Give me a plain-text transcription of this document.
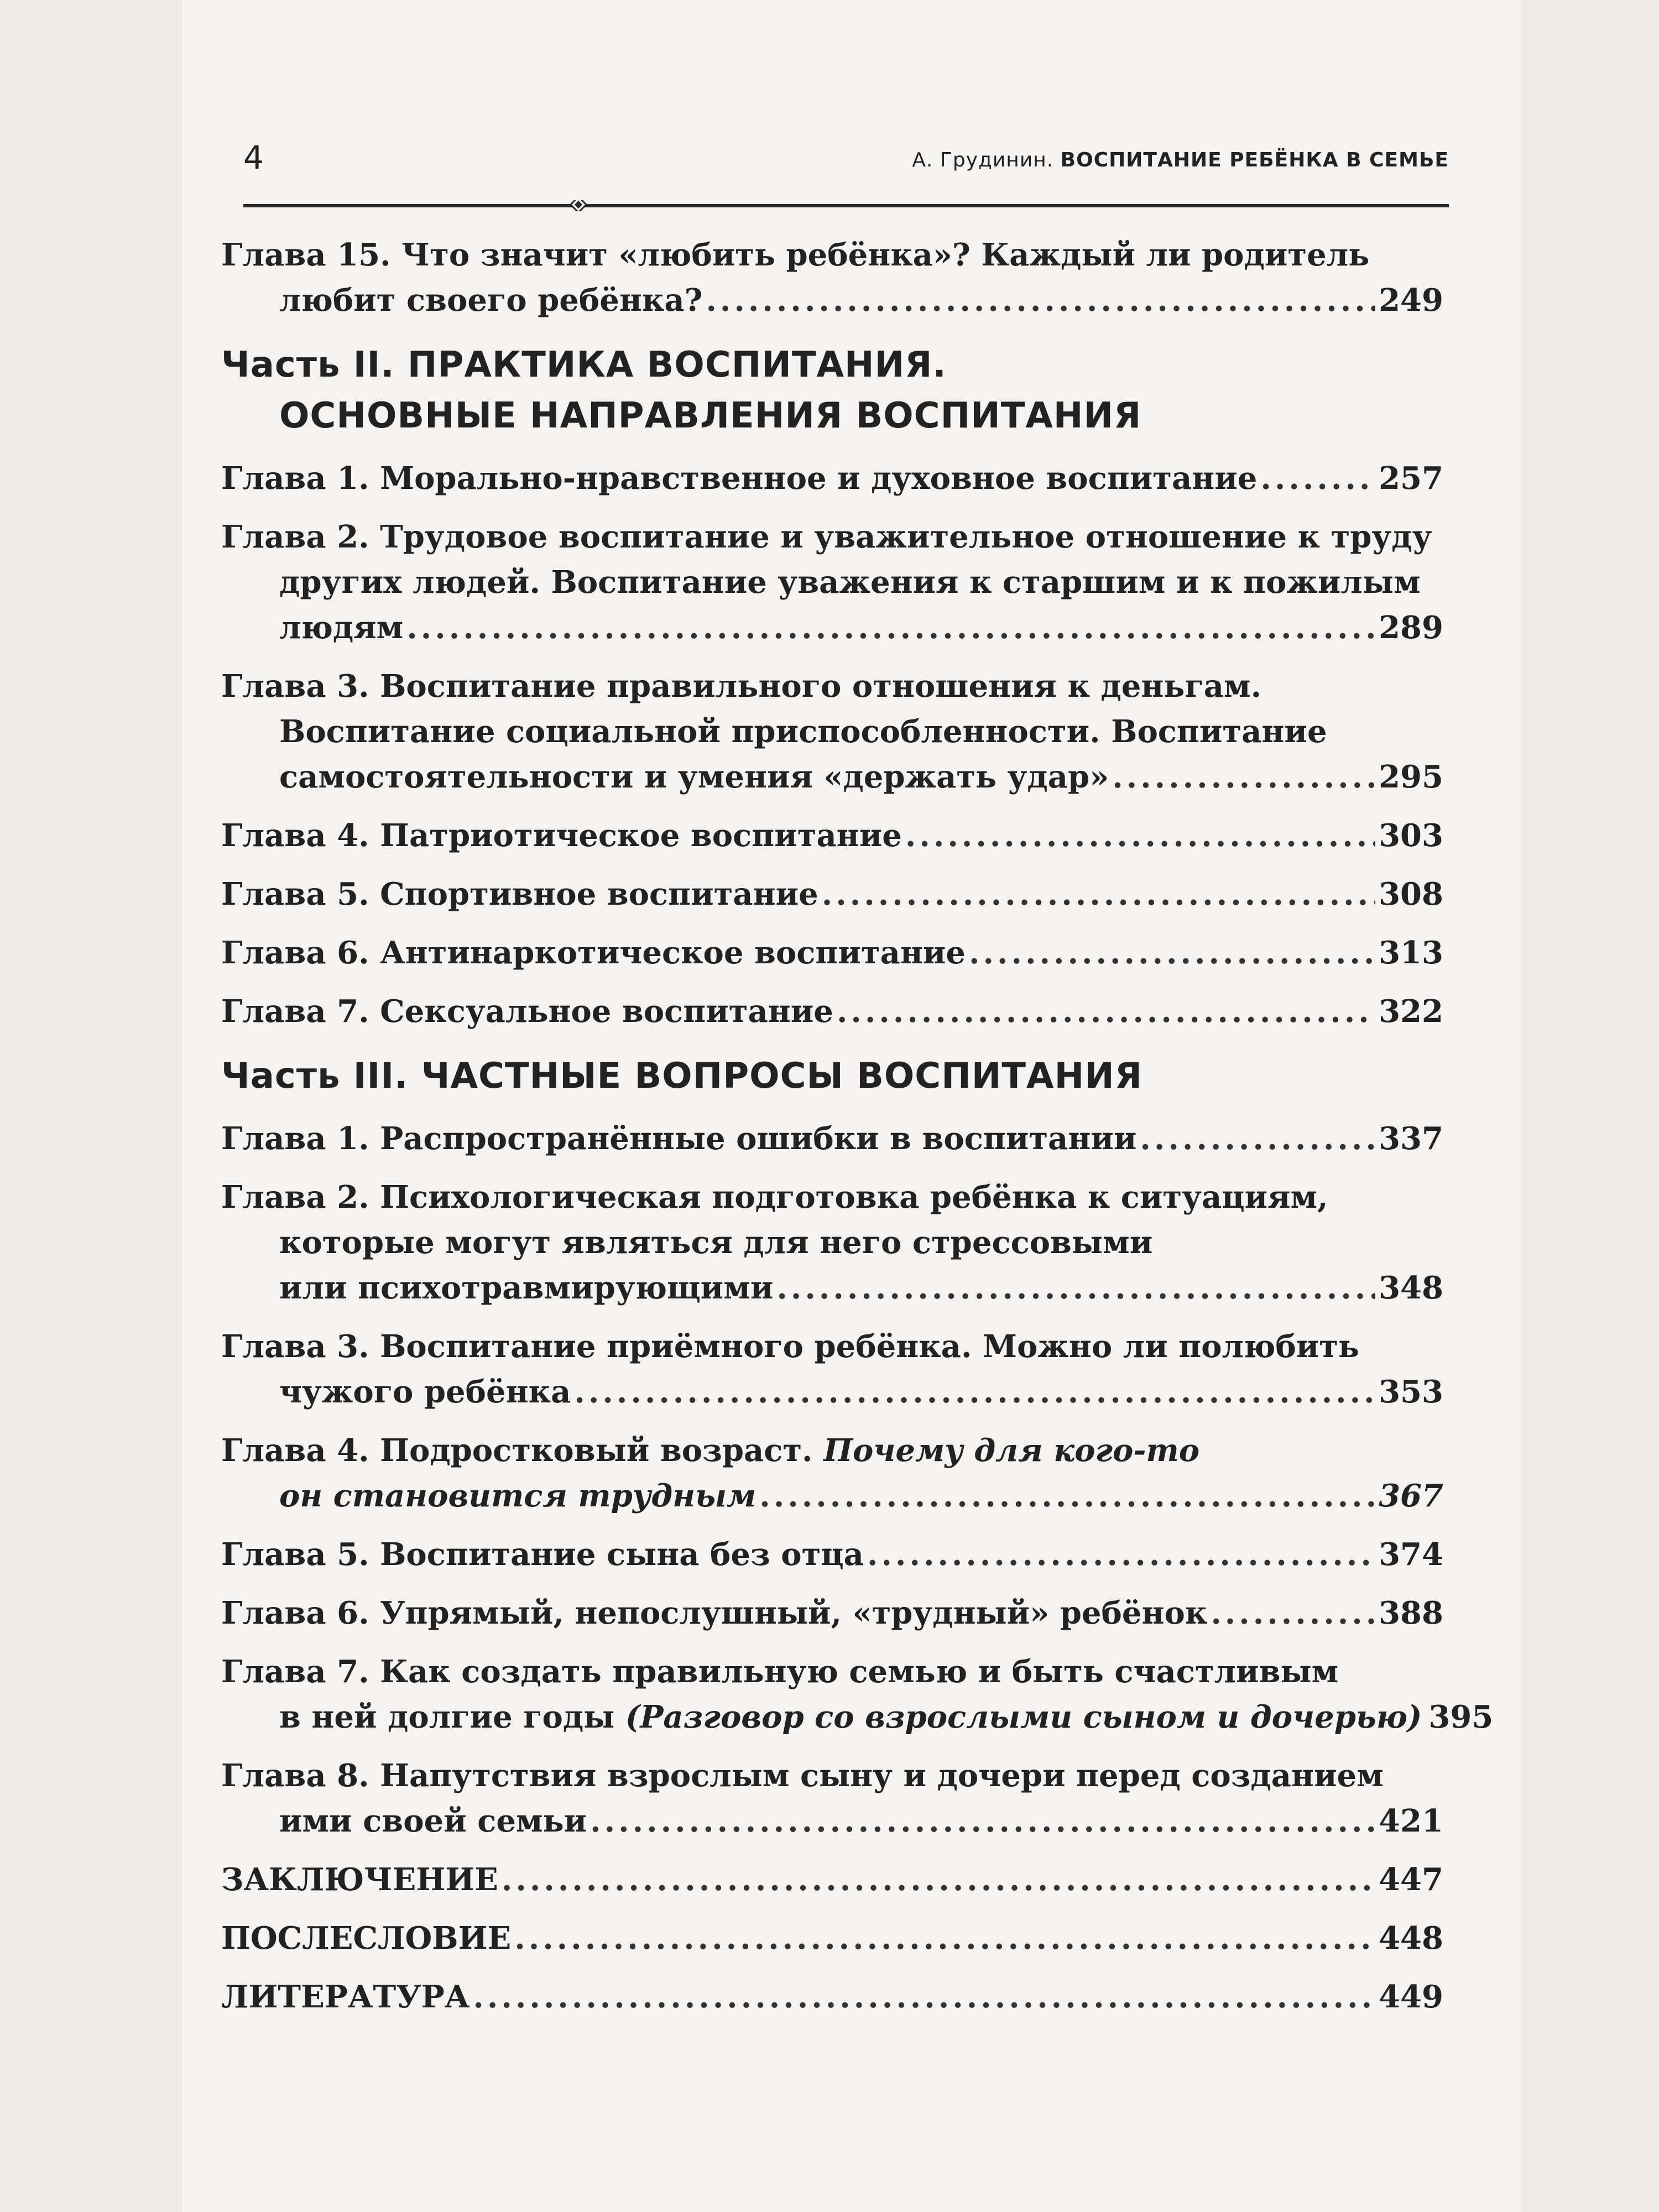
4	А. Грудинин. ВОСПИТАНИЕ РЕБЁНКА В СЕМЬЕ
Глава 15. Что значит «любить ребёнка»? Каждый ли родитель
любит своего ребёнка? .....	249
Часть II. ПРАКТИКА ВОСПИТАНИЯ.
ОСНОВНЫЕ НАПРАВЛЕНИЯ ВОСПИТАНИЯ
Глава 1. Морально-нравственное и духовное воспитание .....	257
Глава 2. Трудовое воспитание и уважительное отношение к труду
других людей. Воспитание уважения к старшим и к пожилым
людям .....	289
Глава 3. Воспитание правильного отношения к деньгам.
Воспитание социальной приспособленности. Воспитание
самостоятельности и умения «держать удар» .....	295
Глава 4. Патриотическое воспитание .....	303
Глава 5. Спортивное воспитание .....	308
Глава 6. Антинаркотическое воспитание .....	313
Глава 7. Сексуальное воспитание .....	322
Часть III. ЧАСТНЫЕ ВОПРОСЫ ВОСПИТАНИЯ
Глава 1. Распространённые ошибки в воспитании .....	337
Глава 2. Психологическая подготовка ребёнка к ситуациям,
которые могут являться для него стрессовыми
или психотравмирующими .....	348
Глава 3. Воспитание приёмного ребёнка. Можно ли полюбить
чужого ребёнка .....	353
Глава 4. Подростковый возраст. Почему для кого-то
он становится трудным .....	367
Глава 5. Воспитание сына без отца .....	374
Глава 6. Упрямый, непослушный, «трудный» ребёнок .....	388
Глава 7. Как создать правильную семью и быть счастливым
в ней долгие годы (Разговор со взрослыми сыном и дочерью) 395
Глава 8. Напутствия взрослым сыну и дочери перед созданием
ими своей семьи .....	421
ЗАКЛЮЧЕНИЕ .....	447
ПОСЛЕСЛОВИЕ .....	448
ЛИТЕРАТУРА .....	449
